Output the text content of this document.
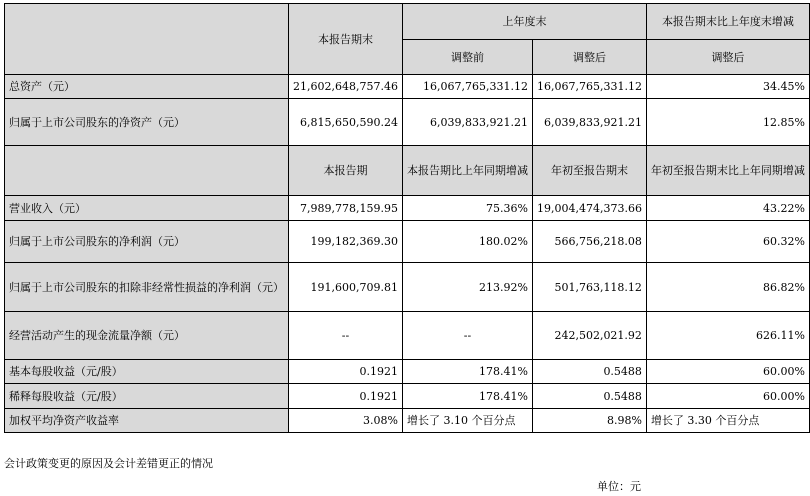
	本报告期末	上年度末		本报告期末比上年度末增减
		调整前	调整后	调整后
总资产（元）	21,602,648,757.46	16,067,765,331.12	16,067,765,331.12	34.45%
归属于上市公司股东的净资产（元）	6,815,650,590.24	6,039,833,921.21	6,039,833,921.21	12.85%
	本报告期	本报告期比上年同期增减	年初至报告期末	年初至报告期末比上年同期增减
营业收入（元）	7,989,778,159.95	75.36%	19,004,474,373.66	43.22%
归属于上市公司股东的净利润（元）	199,182,369.30	180.02%	566,756,218.08	60.32%
归属于上市公司股东的扣除非经常性损益的净利润（元）	191,600,709.81	213.92%	501,763,118.12	86.82%
经营活动产生的现金流量净额（元）	--	--	242,502,021.92	626.11%
基本每股收益（元/股）	0.1921	178.41%	0.5488	60.00%
稀释每股收益（元/股）	0.1921	178.41%	0.5488	60.00%
加权平均净资产收益率	3.08%	增长了 3.10 个百分点	8.98%	增长了 3.30 个百分点
会计政策变更的原因及会计差错更正的情况
单位：元
